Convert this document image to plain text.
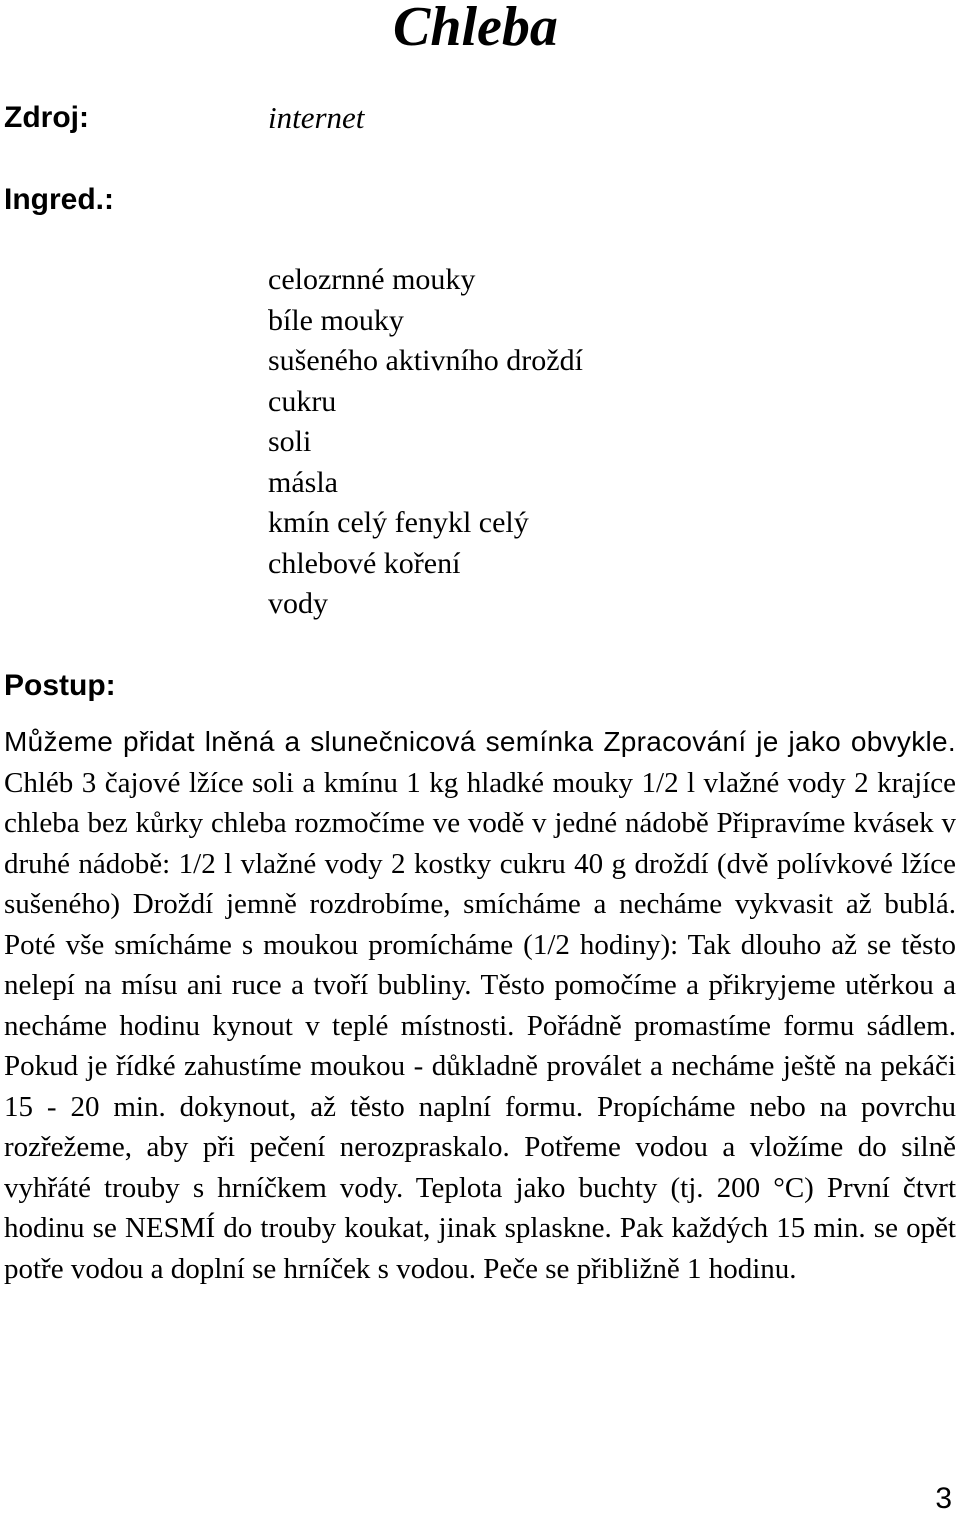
Chleba
Zdroj:	internet
Ingred.:
celozrnné mouky
bíle mouky
sušeného aktivního droždí
cukru
soli
másla
kmín celý fenykl celý
chlebové koření
vody
Postup:

Můžeme přidat lněná a slunečnicová semínka Zpracování je jako obvykle. Chléb 3 čajové lžíce soli a kmínu 1 kg hladké mouky 1/2 l vlažné vody 2 krajíce chleba bez kůrky chleba rozmočíme ve vodě v jedné nádobě Připravíme kvásek v druhé nádobě: 1/2 l vlažné vody 2 kostky cukru 40 g droždí (dvě polívkové lžíce sušeného) Droždí jemně rozdrobíme, smícháme a necháme vykvasit až bublá. Poté vše smícháme s moukou promícháme (1/2 hodiny): Tak dlouho až se těsto nelepí na mísu ani ruce a tvoří bubliny. Těsto pomočíme a přikryjeme utěrkou a necháme hodinu kynout v teplé místnosti. Pořádně promastíme formu sádlem. Pokud je řídké zahustíme moukou - důkladně proválet a necháme ještě na pekáči 15 - 20 min. dokynout, až těsto naplní formu. Propícháme nebo na povrchu rozřežeme, aby při pečení nerozpraskalo. Potřeme vodou a vložíme do silně vyhřáté trouby s hrníčkem vody. Teplota jako buchty (tj. 200 °C) První čtvrt hodinu se NESMÍ do trouby koukat, jinak splaskne. Pak každých 15 min. se opět potře vodou a doplní se hrníček s vodou. Peče se přibližně 1 hodinu.

3
